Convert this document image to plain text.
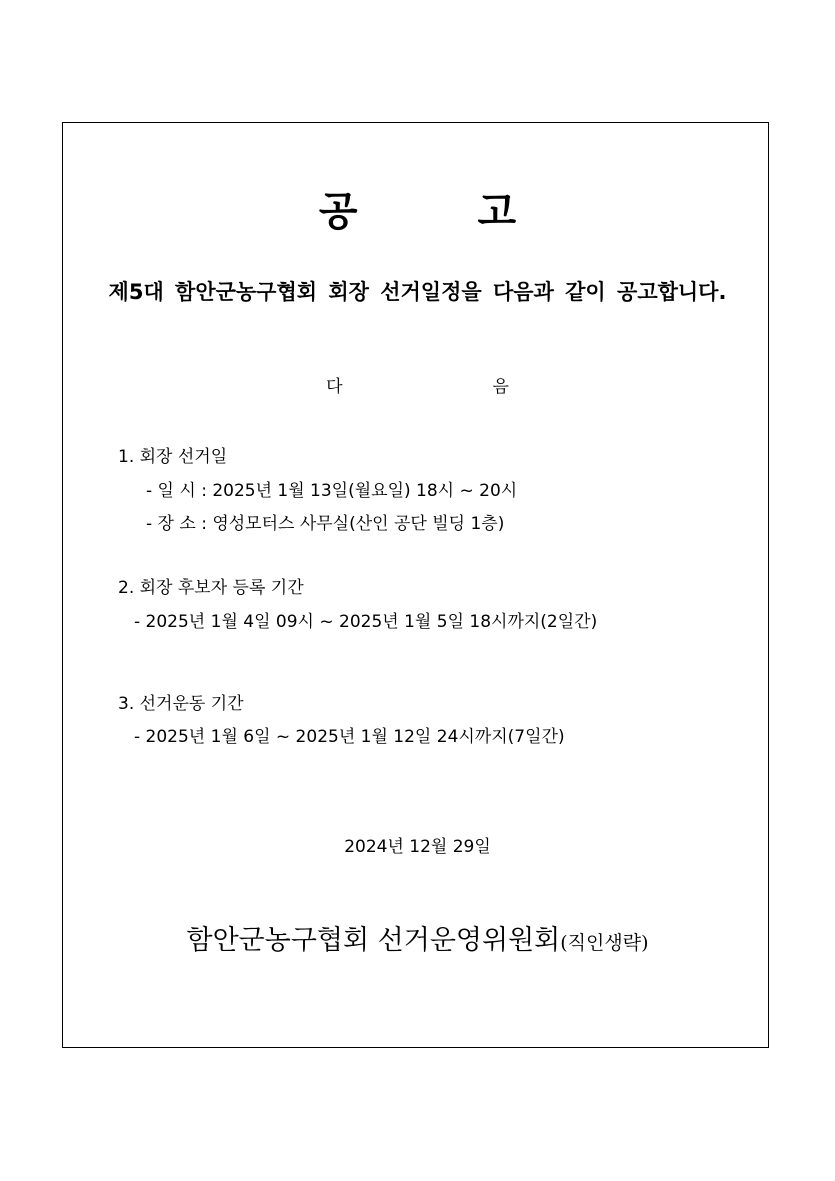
공	고
제5대 함안군농구협회 회장 선거일정을 다음과 같이 공고합니다.
다	음
1. 회장 선거일
- 일 시 : 2025년 1월 13일(월요일) 18시 ~ 20시
- 장 소 : 영성모터스 사무실(산인 공단 빌딩 1층)
2. 회장 후보자 등록 기간
- 2025년 1월 4일 09시 ~ 2025년 1월 5일 18시까지(2일간)
3. 선거운동 기간
- 2025년 1월 6일 ~ 2025년 1월 12일 24시까지(7일간)
2024년 12월 29일
함안군농구협회 선거운영위원회(직인생략)
